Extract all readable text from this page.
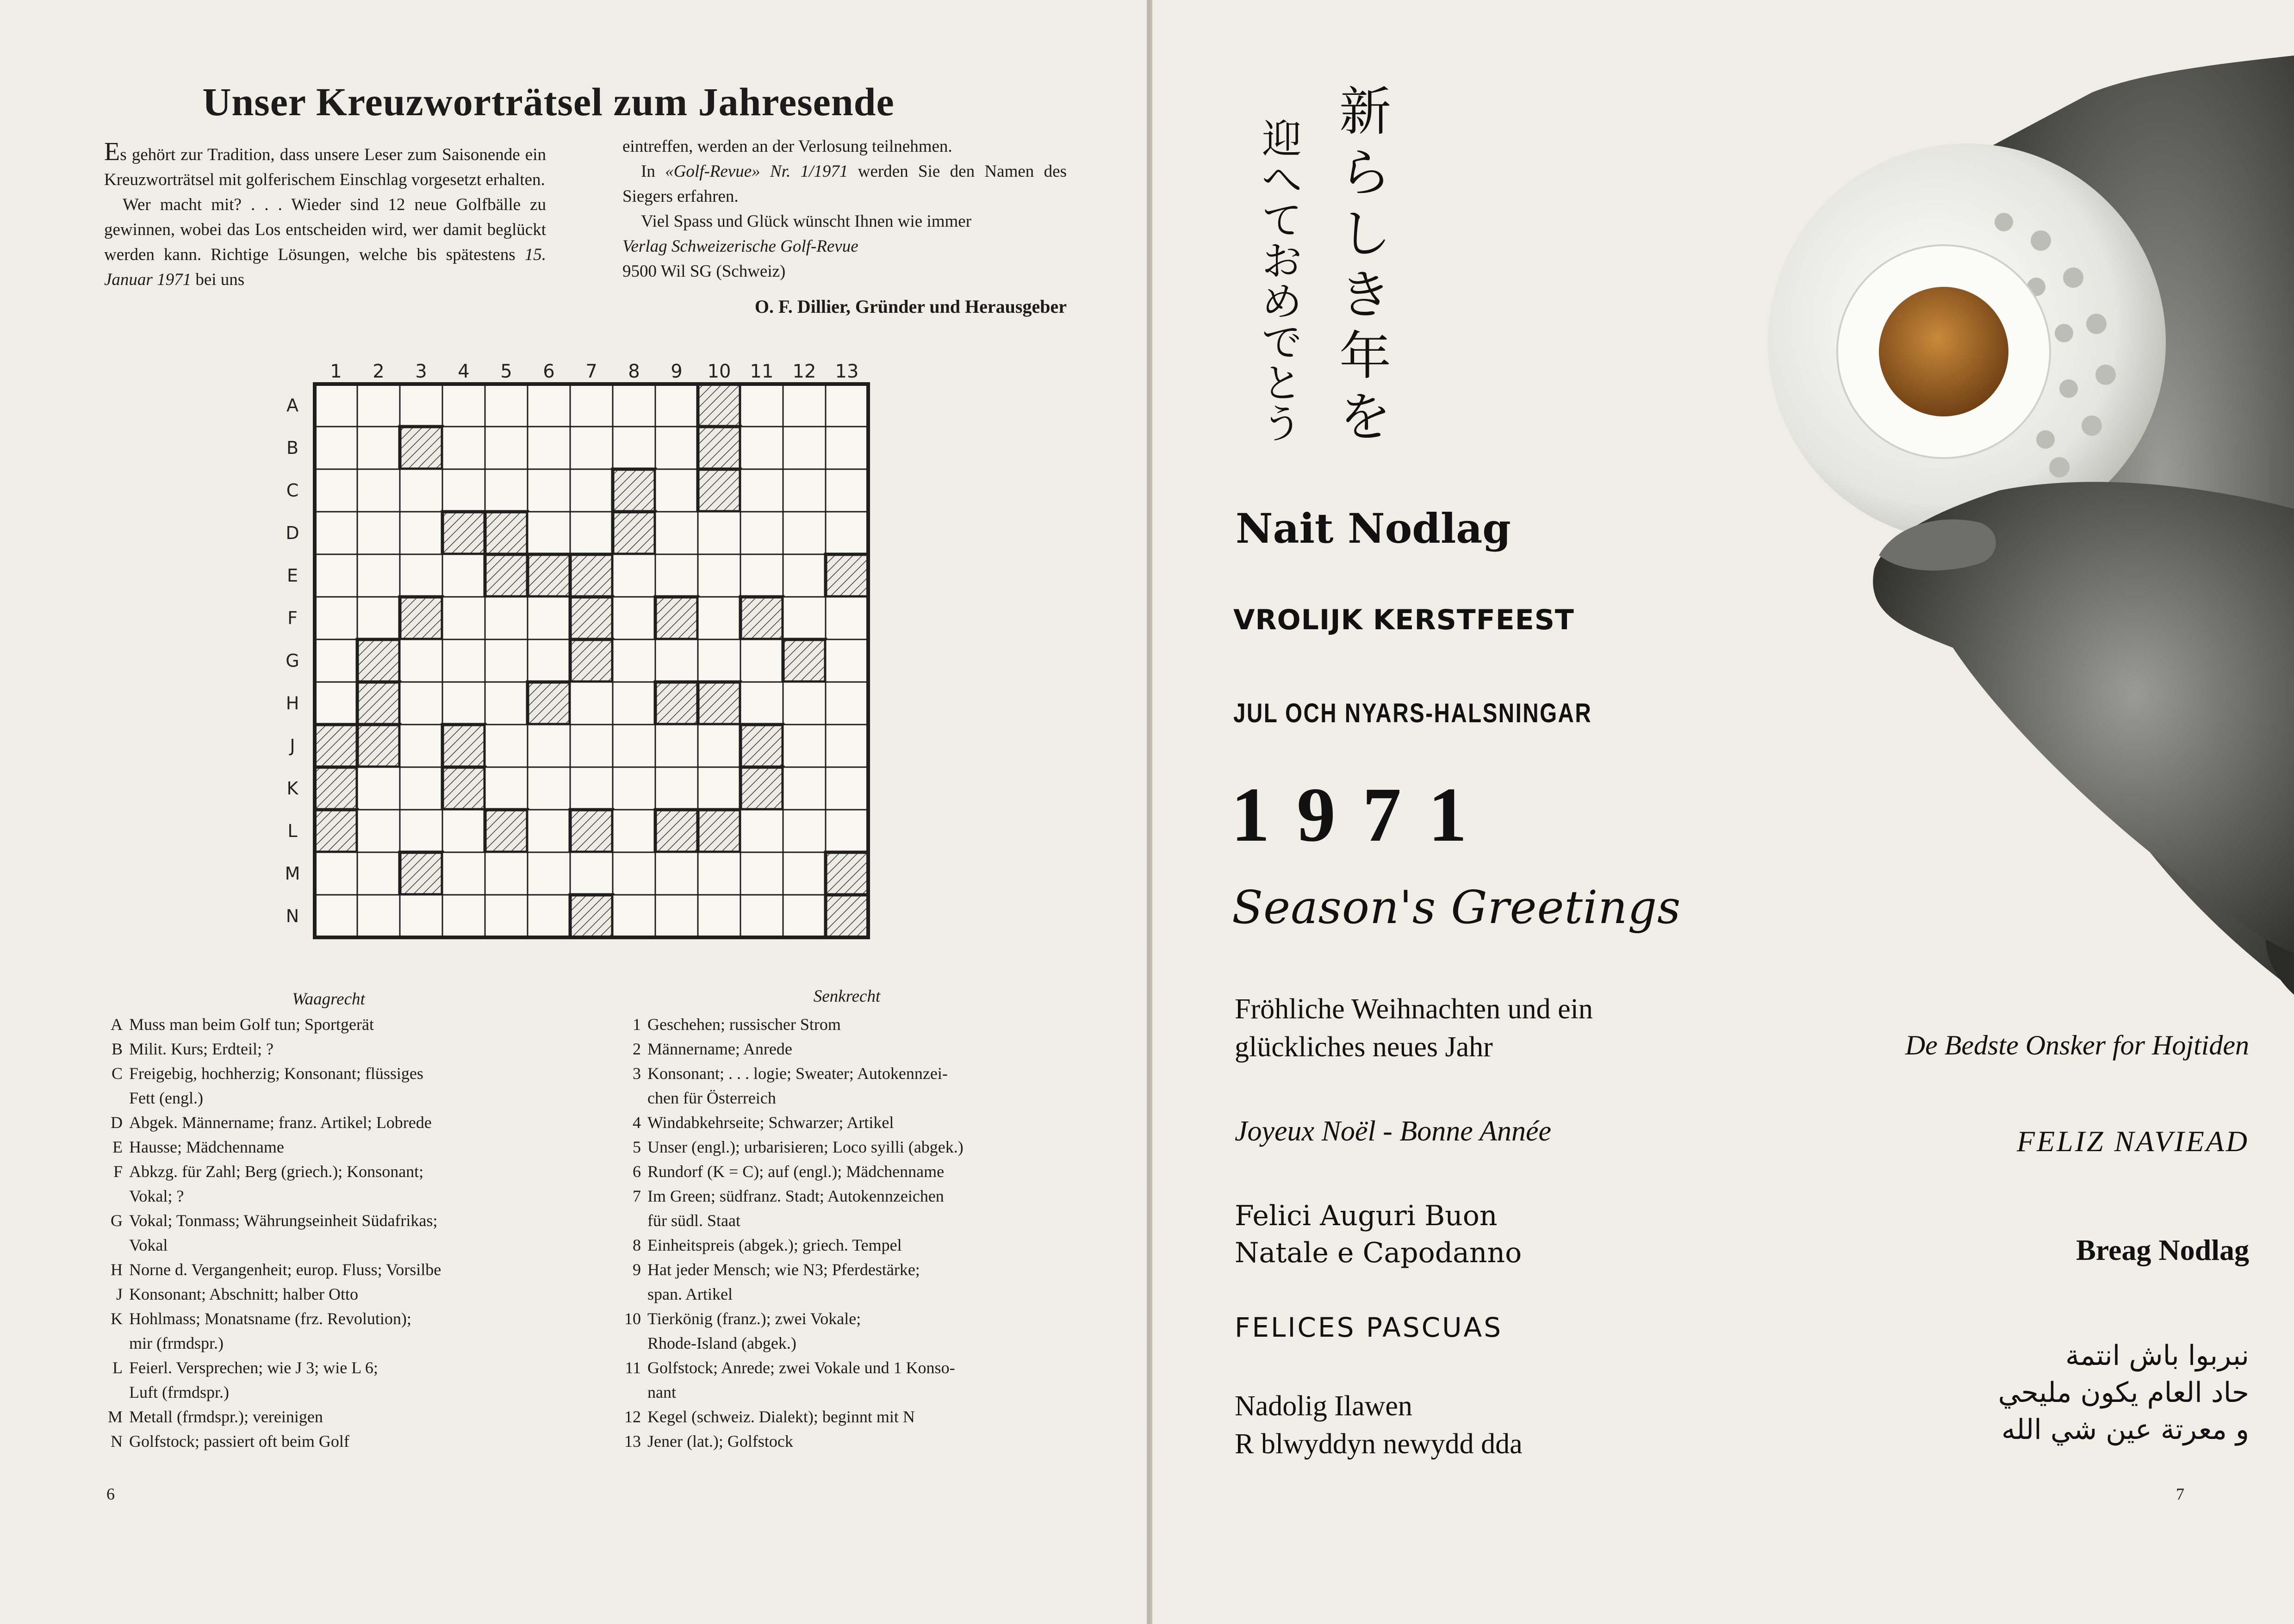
Unser Kreuzworträtsel zum Jahresende

Es gehört zur Tradition, dass unsere Leser zum Saisonende ein Kreuzworträtsel mit golferischem Einschlag vorgesetzt erhalten.

Wer macht mit? . . . Wieder sind 12 neue Golfbälle zu gewinnen, wobei das Los entscheiden wird, wer damit beglückt werden kann. Richtige Lösungen, welche bis spätestens 15. Januar 1971 bei uns

eintreffen, werden an der Verlosung teilnehmen.

In «Golf-Revue» Nr. 1/1971 werden Sie den Namen des Siegers erfahren.

Viel Spass und Glück wünscht Ihnen wie immer

Verlag Schweizerische Golf-Revue

9500 Wil SG (Schweiz)

O. F. Dillier, Gründer und Herausgeber

1 2 3 4 5 6 7 8 9 10 11 12 13
A
B
C
D
E
F
G
H
J
K
L
M
N
Waagrecht	Senkrecht
A Muss man beim Golf tun; Sportgerät
B Milit. Kurs; Erdteil; ?
C Freigebig, hochherzig; Konsonant; flüssiges
Fett (engl.)
D Abgek. Männername; franz. Artikel; Lobrede
E Hausse; Mädchenname
F Abkzg. für Zahl; Berg (griech.); Konsonant;
Vokal; ?
G Vokal; Tonmass; Währungseinheit Südafrikas;
Vokal
H Norne d. Vergangenheit; europ. Fluss; Vorsilbe
J Konsonant; Abschnitt; halber Otto
K Hohlmass; Monatsname (frz. Revolution);
mir (frmdspr.)
L Feierl. Versprechen; wie J 3; wie L 6;
Luft (frmdspr.)
M Metall (frmdspr.); vereinigen
N Golfstock; passiert oft beim Golf
1 Geschehen; russischer Strom
2 Männername; Anrede
3 Konsonant; . . . logie; Sweater; Autokennzei-
chen für Österreich
4 Windabkehrseite; Schwarzer; Artikel
5 Unser (engl.); urbarisieren; Loco syilli (abgek.)
6 Rundorf (K = C); auf (engl.); Mädchenname
7 Im Green; südfranz. Stadt; Autokennzeichen
für südl. Staat
8 Einheitspreis (abgek.); griech. Tempel
9 Hat jeder Mensch; wie N3; Pferdestärke;
span. Artikel
10 Tierkönig (franz.); zwei Vokale;
Rhode-Island (abgek.)
11 Golfstock; Anrede; zwei Vokale und 1 Konso-
nant
12 Kegel (schweiz. Dialekt); beginnt mit N
13 Jener (lat.); Golfstock
6
新
ら
し
き
年
を
迎
へ
て
お
め
で
と
う
Nait Nodlag
VROLIJK KERSTFEEST
JUL OCH NYARS-HALSNINGAR
1971
Season's Greetings
Fröhliche Weihnachten und ein
glückliches neues Jahr
Joyeux Noël - Bonne Année
Felici Auguri Buon
Natale e Capodanno
FELICES PASCUAS
Nadolig Ilawen
R blwyddyn newydd dda
De Bedste Onsker for Hojtiden
FELIZ NAVIEAD
Breag Nodlag
نبربوا باش انتمة
حاد العام يكون مليحي
و معرتة عين شي الله
7
